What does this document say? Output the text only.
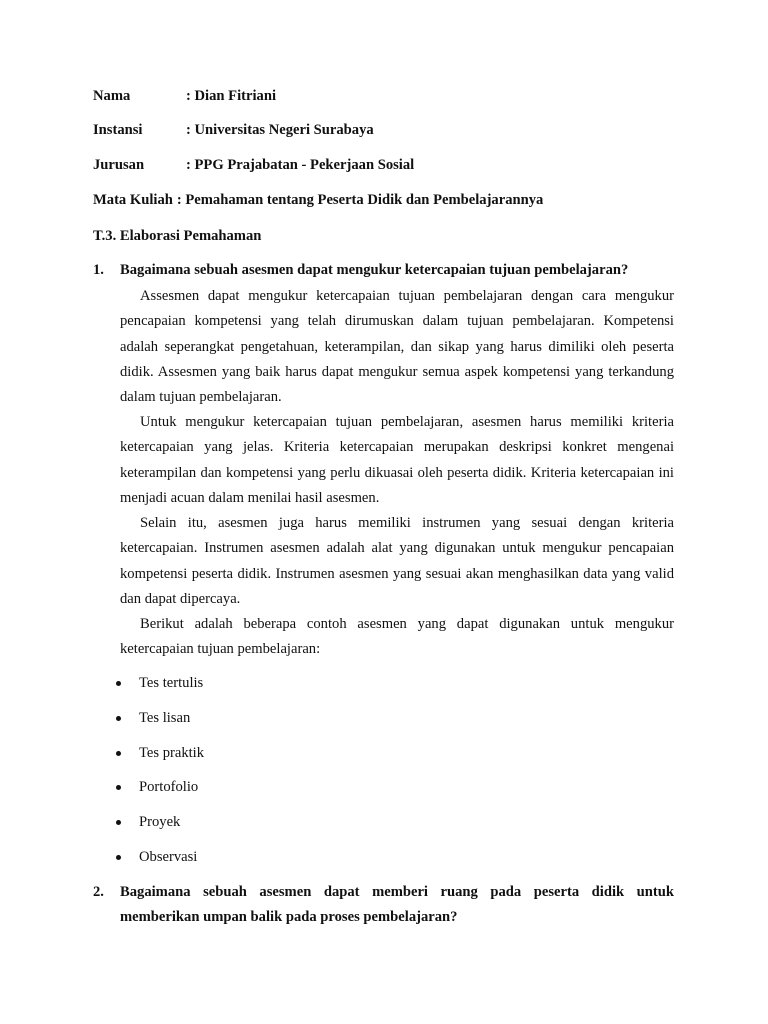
Nama	: Dian Fitriani
Instansi	: Universitas Negeri Surabaya
Jurusan	: PPG Prajabatan - Pekerjaan Sosial
Mata Kuliah : Pemahaman tentang Peserta Didik dan Pembelajarannya
T.3. Elaborasi Pemahaman
1. Bagaimana sebuah asesmen dapat mengukur ketercapaian tujuan pembelajaran?
Assesmen dapat mengukur ketercapaian tujuan pembelajaran dengan cara mengukur pencapaian kompetensi yang telah dirumuskan dalam tujuan pembelajaran. Kompetensi adalah seperangkat pengetahuan, keterampilan, dan sikap yang harus dimiliki oleh peserta didik. Assesmen yang baik harus dapat mengukur semua aspek kompetensi yang terkandung dalam tujuan pembelajaran.
Untuk mengukur ketercapaian tujuan pembelajaran, asesmen harus memiliki kriteria ketercapaian yang jelas. Kriteria ketercapaian merupakan deskripsi konkret mengenai keterampilan dan kompetensi yang perlu dikuasai oleh peserta didik. Kriteria ketercapaian ini menjadi acuan dalam menilai hasil asesmen.
Selain itu, asesmen juga harus memiliki instrumen yang sesuai dengan kriteria ketercapaian. Instrumen asesmen adalah alat yang digunakan untuk mengukur pencapaian kompetensi peserta didik. Instrumen asesmen yang sesuai akan menghasilkan data yang valid dan dapat dipercaya.
Berikut adalah beberapa contoh asesmen yang dapat digunakan untuk mengukur ketercapaian tujuan pembelajaran:
Tes tertulis
Tes lisan
Tes praktik
Portofolio
Proyek
Observasi
2. Bagaimana sebuah asesmen dapat memberi ruang pada peserta didik untuk memberikan umpan balik pada proses pembelajaran?
